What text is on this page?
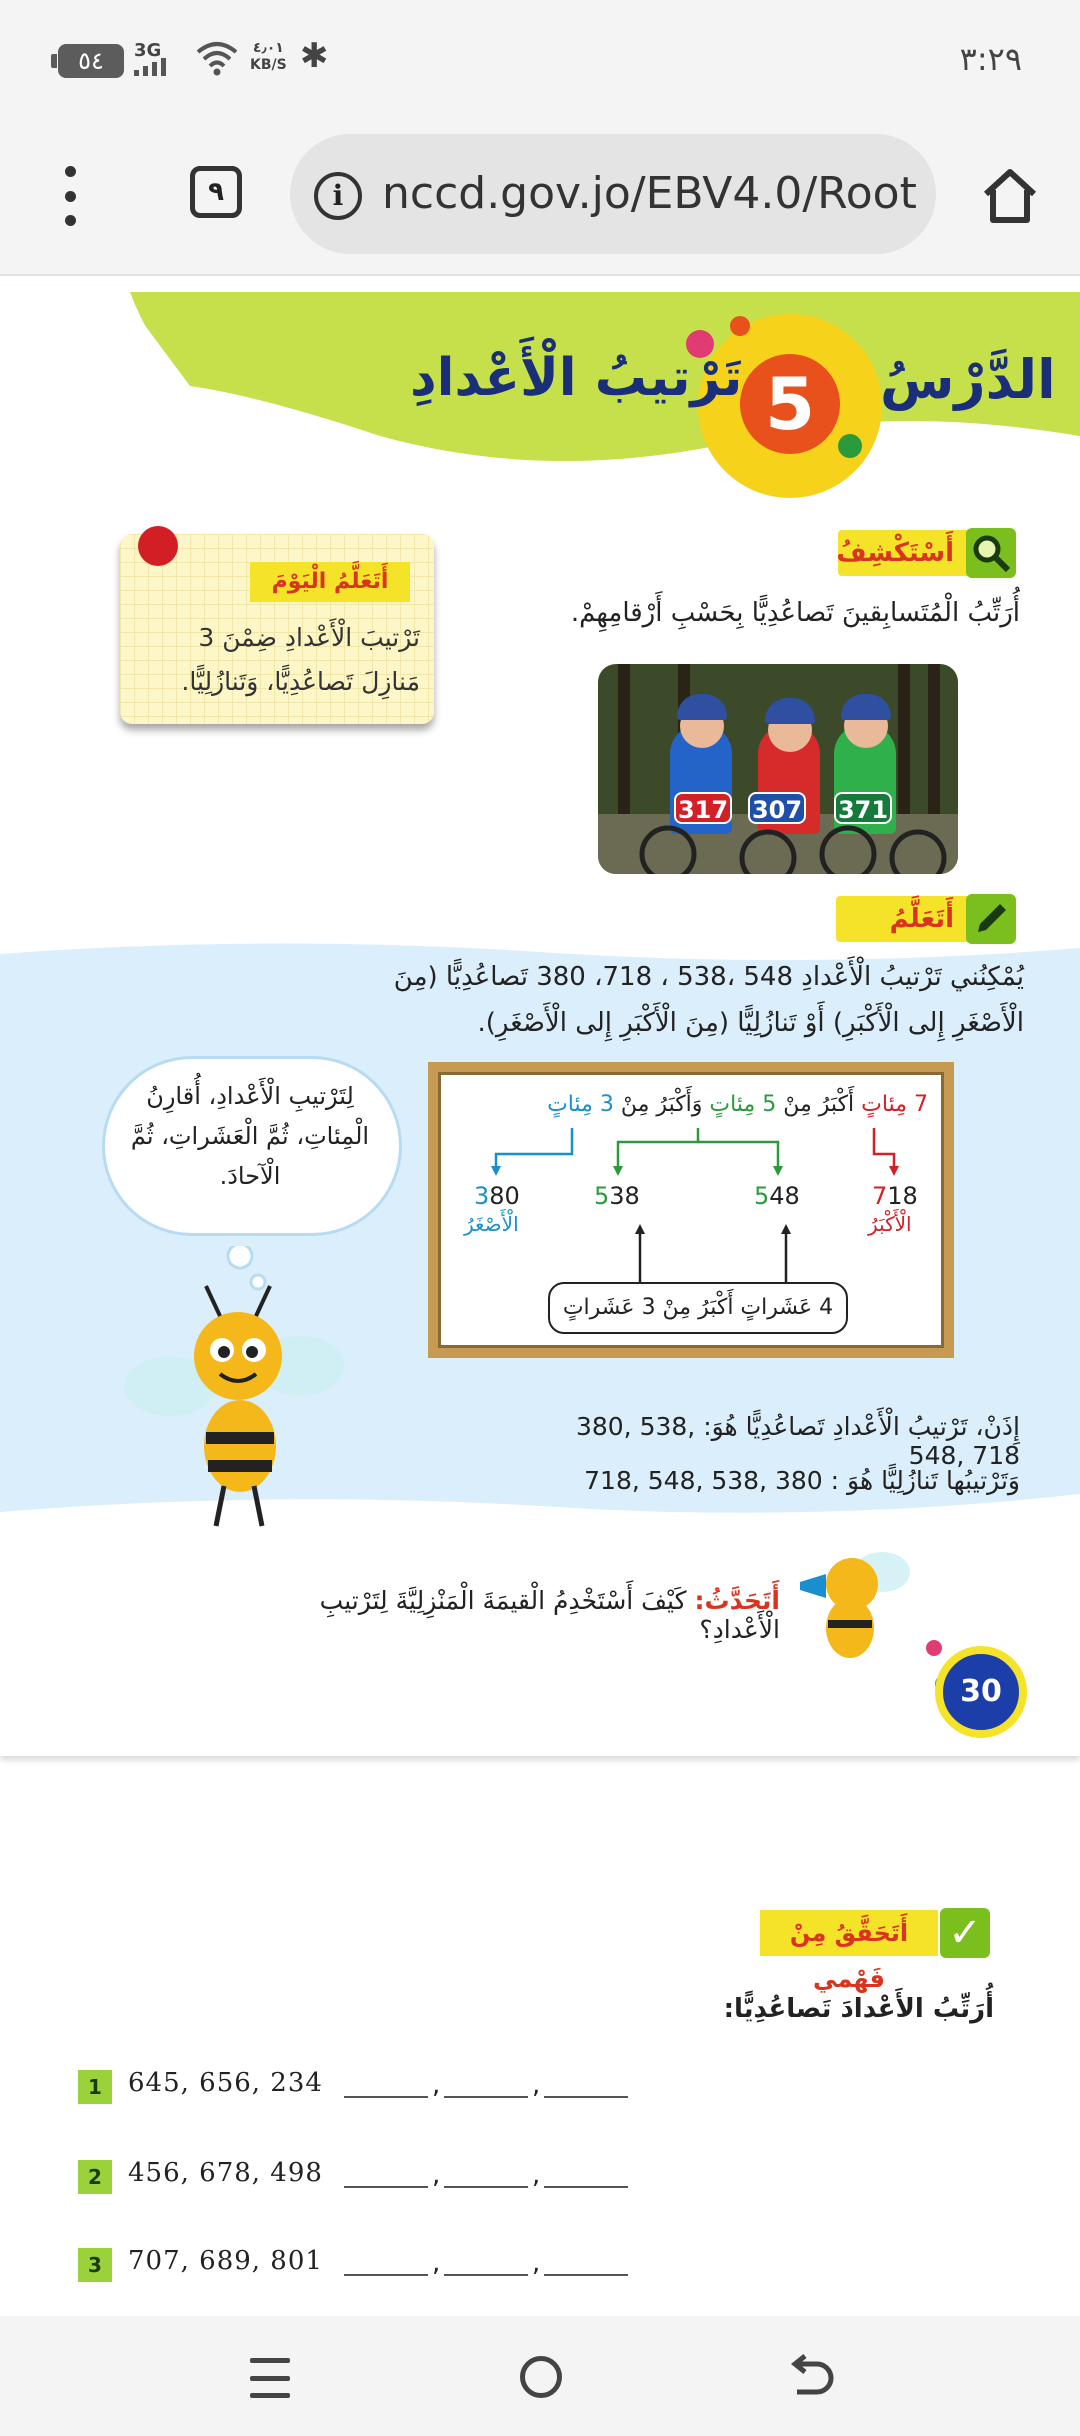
٥٤	3G	٤٫٠١
KB/S ✱	٣:٢٩
٩	i nccd.gov.jo/EBV4.0/Root
الدَّرْسُ
5
تَرْتيبُ الْأَعْدادِ
أَسْتَكْشِفُ
أُرَتِّبُ الْمُتَسابِقينَ تَصاعُدِيًّا بِحَسْبِ أَرْقامِهِمْ.
317 307 371
أَتَعَلَّمُ الْيَوْمَ
تَرْتيبَ الْأَعْدادِ ضِمْنَ 3 مَنازِلَ تَصاعُدِيًّا، وَتَنازُلِيًّا.
أَتَعَلَّمُ
يُمْكِنُني تَرْتيبُ الْأَعْدادِ 548 ،538 ، 718، 380 تَصاعُدِيًّا (مِنَ الْأَصْغَرِ إِلى الْأَكْبَرِ) أَوْ تَنازُلِيًّا (مِنَ الْأَكْبَرِ إِلى الْأَصْغَرِ).
7 مِئاتٍ أَكْبَرُ مِنْ 5 مِئاتٍ وَأَكْبَرُ مِنْ 3 مِئاتٍ
380	538	548	718
الْأَصْغَرُ	الْأَكْبَرُ
4 عَشَراتٍ أَكْبَرُ مِنْ 3 عَشَراتٍ
لِتَرْتيبِ الْأَعْدادِ، أُقارِنُ الْمِئاتِ، ثُمَّ الْعَشَراتِ، ثُمَّ الْآحادَ.
إِذَنْ، تَرْتيبُ الْأَعْدادِ تَصاعُدِيًّا هُوَ: 380, 538, 548, 718
وَتَرْتيبُها تَنازُلِيًّا هُوَ : 718, 548, 538, 380
أَتَحَدَّثُ: كَيْفَ أَسْتَخْدِمُ الْقيمَةَ الْمَنْزِلِيَّةَ لِتَرْتيبِ الْأَعْدادِ؟
30
أَتَحَقَّقُ مِنْ فَهْمي
✓
أُرَتِّبُ الأَعْدادَ تَصاعُدِيًّا:
1	645, 656, 234	,	,
2	456, 678, 498	,	,
3	707, 689, 801	,	,
